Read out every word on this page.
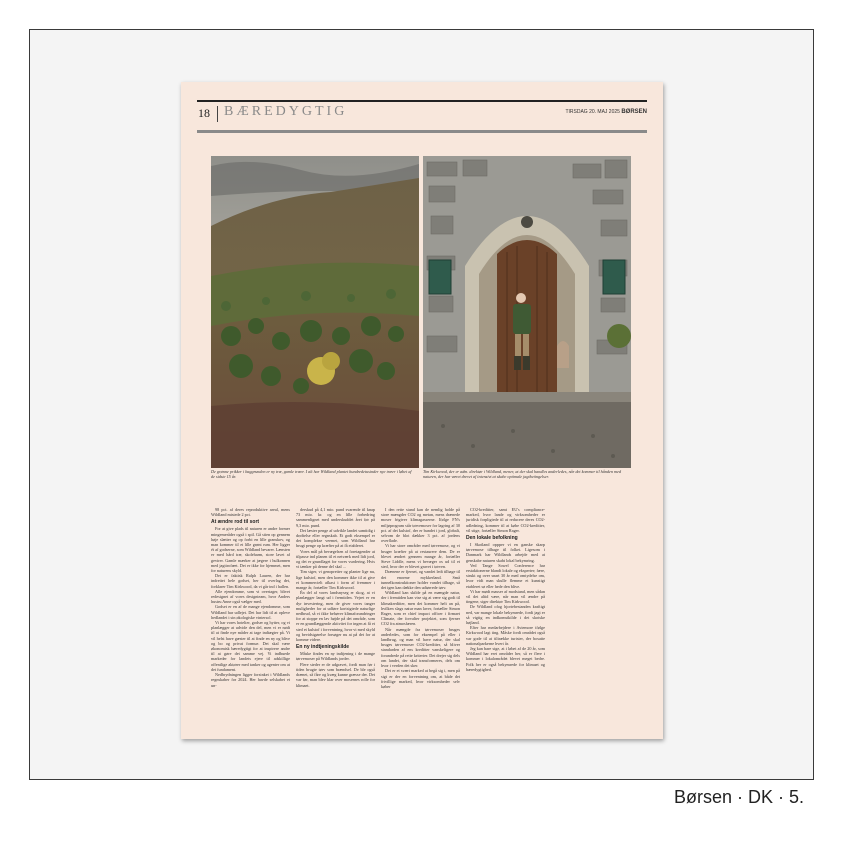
18 BÆREDYGTIG	TIRSDAG 20. MAJ 2025 BØRSEN
De grønne prikker i baggrunden er ny træ, gamle træer. I alt har Wildland plantet hundredetusinder nye træer i løbet af de sidste 15 år.
Tim Kirkwood, der er adm. direktør i Wildland, mener, at der skal handles anderledes, når det kommer til hånden med naturen, der har været drevet af intensivt at skabe optimale jagtbetingelser.

98 pct. af deres reproduktive areal, mens Wildland mistede 2 pct.

At ændre rod til sort

For at give plads til naturen er andre former mingemeråder også i spil. Gå stien op gennem høje slætter og op forbi en lille granskov, og man kommer til et lille grønt rum. Her ligger ét af godserne, som Wildland bevarer. Lænsten er med hård træ, skoleharm, store lavet af gevirer. Gamle mærker at jægere i hulkonnen med jagttrofæet. Det er ikke for hjemmet, men for naturens skyld.

Det er faktisk Ralph Lauren, der har indrettet hele godset, her til overlag det, forklarer Tim Kirkwood, da vi går ind i hallen.

Alle ejendomme, som vi overtager, blivet redesignet af vores designteam, hvor Anders hustru Anne også vælger med.

Godset er en af de mange ejendomme, som Wildland har udlejet. Det har lidt til at opleve hedlandet i sin økologiske vintersol.

Vi har vores hotelier, godser og hytter, og vi planlægger at udvide den del, men vi er nødt til at finde nye måder at tage indtægter på. Vi vil helst have gæster til at finde en ny og blive og bo og privat formue. Det skal være økonomisk bæredygtigt for at inspirere andre til at gøre det samme vej. Vi indbuede markeder for landets ejere til adskillige offentlige aktører med tanker og agenter om at det fundament.

Nedbrydningen ligger forsinket i Wildlands regnskaber for 2024. Her havde selskabet et un-

derskud på 4,1 mio. pund svarende til knap 73 mio. kr. og en lille forbedring sammenlignet med underskuddet året før på 9,3 mio. pund.

Det læster penge af udvikle landet samtidig i drøftelse eller regnskab. Et godt eksempel er det komplekse veemet, som Wildland har brugt penge op kræfter på at få etableret.

Vores mål på bevægelsen af foretagender at tilpasse ind planen til et netværk med lidt jord, og det er grundlaget for vores vurdering. Hvis vi tænker på denne del skal ...

Tim siger, vi genopretter og planter lige nu, lige kulstof, men den kommer ikke til at give et kommercielt afkast i form af fremmer i mange år, fortæller Tim Kirkwood.

Én del af vores landsnyseg er skog, at vi planlægger langt ud i fremtiden. Vejret er en dyr investering, men de giver vores tanger muligheder for at udføre kortsigtede naturlige nedbrud, så vi ikke behøver klimaforandringer for at stoppe en lav højde på det område, som er en grundlæggende aktivitet for ingen at få et sted et kulstof i forventning, hvor vi med skyld og bevidstgørelse forsøger nu at på det for at komme videre.

En ny indtjeningskilde

Måske findes en ny indtjening i de mange tørvemoser på Wildlands jorder.

Flere steder er de udgravet, fordi man før i tiden brugte tørv som brændsel. De ble også drænet, så fåre og kvæg kunne græsse der. Det var før, man blev klar over mosernes rolle for klimaet.

I den rette stand kan de nemlig holde på store mængder CO2 og metan, mens drænede moser frigiver klimagasserne. Ifølge FN's miljøprogram står tørvemoser for lagring af 30 pct. af det kulstof, der er bundet i jord, globalt, selvom de blot dækker 3 pct. af jordens overflade.

Vi har store områder med tørvemose, og vi bruger kræfter på at restaurere dem. De er blevet ændret gennem mange år, fortæller Steve Liddle, mens vi bevæger os ud til et sted, hvor der er blevet gravet i tørven.

Drænene er fjernet, og vandet ledt tilbage til det enorme mykkerland. Små tunnelkonstruktioner holder vandet tilbage, så det igen kan dække den udtørrede tørv.

Wildland kan skilde på en mængde natur, der i fremtiden kan vise sig at være sig godt til klimakreditter, men det kommer helt an på, hvilken slags natur man laver, fortæller Simon Rager, som er chief impact officer i firmaet Climate, der forvalter projektet, som fjerner CO2 fra atmosfæren.

Når mængde fra tørvemoser bruges anderledes, som for eksempel på eller i landbrug, og man vil have natur, der skal bruges tørvemoser CO2-kreditter, så bliver standarden af ens kreditter vanskeligere og forandrede på rette kriterier. Det drejer sig dels om landet, der skal transformeres, dels om hvor i verden det sker.

Det er et svært marked at begå sig i, men på sigt er der en forventning om, at både det frivillige marked, hvor virksomheder selv køber

CO2-kreditter, samt EU's compliance-marked, hvor lande og virksomheder er juridisk forpligtede til at reducere deres CO2-udledning, kommer til at købe CO2-kreditter, vil stige, fortæller Simon Rager.

Den lokale befolkning

I Skotland oppper vi en ganske skarp tørvemose tilbage til folket. Ligesom i Danmark har Wildlands arbejde med at genskabe naturen skabt lokal bekymring.

Ved Tange Sowel Conference har erstaktionerne blandt lokale og eksperter; fære, strukt og over snart 30 år med omtydelse om, hvor vidt man skulle flemme et kunstigt etableret sø eller hede den blive.

Vi har mødt masser af modstand, men sådan vil det altid være, når man vil ændre på tingene, siger direktør Tim Kirkwood.

De Wildland ofog hjortebestanden kraftigt ned, var mange lokale bekymrede, fordi jagt er så vigtig en indkomstkilde i det skotske højland.

Efter har medarbejdere i Aviemore ifølge Kirkwood lagt ting. Måske fordi området også var gode til at tiltrække turister, der bosatte nationalparkerne hvert år.

Jeg kan bare sige, at i løbet af de 20 år, som Wildland har eret områder her, så er flere i kommer i lokalområdet blevet meget bedre. Folk her er også bekymrede for klimaet og bæredygtighed.

Børsen · DK · 5.
